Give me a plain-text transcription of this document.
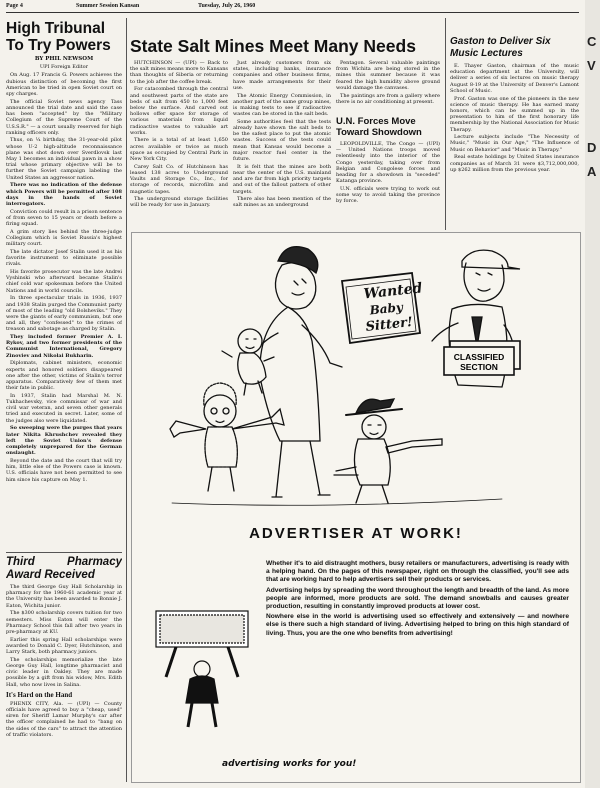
Page 4	Summer Session Kansan	Tuesday, July 26, 1960
High Tribunal To Try Powers
BY PHIL NEWSOM
UPI Foreign Editor

On Aug. 17 Francis G. Powers achieves the dubious distinction of becoming the first American to be tried in open Soviet court on spy charges.

The official Soviet news agency Tass announced the trial date and said the case has been "accepted" by the "Military Collegium of the Supreme Court of the U.S.S.R." — a court usually reserved for high ranking officers only.

Thus, on ¼ birthday, the 31-year-old pilot whose U-2 high-altitude reconnaissance plane was shot down over Sverdlovsk last May 1 becomes an individual pawn in a show trial whose primary objective will be to further the Soviet campaign labeling the United States an aggressor nation.

There was no indication of the defense which Powers will be permitted after 108 days in the hands of Soviet interrogators.

Conviction could result in a prison sentence of from seven to 15 years or death before a firing squad.

A grim story lies behind the three-judge Collegium which is Soviet Russia's highest military court.

The late dictator Josef Stalin used it as his favorite instrument to eliminate possible rivals.

His favorite prosecutor was the late Andrei Vyshinski who afterward became Stalin's chief cold war spokesman before the United Nations and in world councils.

In three spectacular trials in 1936, 1937 and 1938 Stalin purged the Communist party of most of the leading "old Bolsheviks." They were the giants of early communism, but one and all, they "confessed" to the crimes of treason and sabotage as charged by Stalin.

They included former Premier A. I. Rykov, and two former presidents of the Communist International, Gregory Zinoviev and Nikolai Bukharin.

Diplomats, cabinet ministers, economic experts and honored soldiers disappeared one after the other, victims of Stalin's terror apparatus. Comparatively few of them met their fate in public.

In 1937, Stalin had Marshal M. N. Tukhachevsky, vice commissar of war and civil war veteran, and seven other generals tried and executed in secret. Later, some of the judges also were liquidated.

So sweeping were the purges that years later Nikita Khrushchev revealed they left the Soviet Union's defense completely unprepared for the German onslaught.

Beyond the date and the court that will try him, little else of the Powers case is known. U.S. officials have not been permitted to see him since his capture on May 1.

Third Pharmacy Award Received

The third George Guy Hall Scholarship in pharmacy for the 1960-61 academic year at the University has been awarded to Bonnie J. Eaton, Wichita junior.

The $300 scholarship covers tuition for two semesters. Miss Eaton will enter the Pharmacy School this fall after two years in pre-pharmacy at KU.

Earlier this spring Hall scholarships were awarded to Donald C. Dyer, Hutchinson, and Larry Stark, both pharmacy juniors.

The scholarships memorialize the late George Guy Hall, longtime pharmacist and civic leader in Oakley. They are made possible by a gift from his widow, Mrs. Edith Hall, who now lives in Salina.

It's Hard on the Hand

PHENIX CITY, Ala. — (UPI) — County officials have agreed to buy a "cheap, used" siren for Sheriff Lamar Murphy's car after the officer complained he had to "bang on the sides of the cars" to attract the attention of traffic violators.

State Salt Mines Meet Many Needs

HUTCHINSON — (UPI) — Back to the salt mines means more to Kansans than thoughts of Siberia or returning to the job after the coffee break.

For catacombed through the central and southwest parts of the state are beds of salt from 450 to 1,000 feet below the surface. And carved out hollows offer space for storage of various materials from liquid radioactive wastes to valuable art works.

There is a total of at least 1,650 acres available or twice as much space as occupied by Central Park in New York City.

Carey Salt Co. of Hutchinson has leased 138 acres to Underground Vaults and Storage Co., Inc., for storage of records, microfilm and magnetic tapes.

The underground storage facilities will be ready for use in January.

Just already customers from six states, including banks, insurance companies and other business firms, have made arrangements for their use.

The Atomic Energy Commission, in another part of the same group mines, is making tests to see if radioactive wastes can be stored in the salt beds.

Some authorities feel that the tests already have shown the salt beds to be the safest place to put the atomic wastes. Success of the tests could mean that Kansas would become a major reactor fuel center in the future.

It is felt that the mines are both near the center of the U.S. mainland and are far from high priority targets and out of the fallout pattern of other targets.

There also has been mention of the salt mines as an underground

Pentagon. Several valuable paintings from Wichita are being stored in the mines this summer because it was feared the high humidity above ground would damage the canvases.

The paintings are from a gallery where there is no air conditioning at present.

U.N. Forces Move Toward Showdown

LEOPOLDVILLE, The Congo — (UPI) — United Nations troops moved relentlessly into the interior of the Congo yesterday, taking over from Belgian and Congolese forces and heading for a showdown in "seceded" Katanga province.

U.N. officials were trying to work out some way to avoid taking the province by force.

Gaston to Deliver Six Music Lectures

E. Thayer Gaston, chairman of the music education department at the University, will deliver a series of six lectures on music therapy August 8-19 at the University of Denver's Lamont School of Music.

Prof. Gaston was one of the pioneers in the new science of music therapy. He has earned many honors, which can be summed up in the presentation to him of the first honorary life membership by the National Association for Music Therapy.

Lecture subjects include "The Necessity of Music," "Music in Our Age," "The Influence of Music on Behavior" and "Music in Therapy."

Real estate holdings by United States insurance companies as of March 31 were $3,712,000,000, up $262 million from the previous year.

Wanted
Baby
Sitter!
CLASSIFIED
SECTION
ADVERTISER AT WORK!

Whether it's to aid distraught mothers, busy retailers or manufacturers, advertising is ready with a helping hand. On the pages of this newspaper, right on through the classified, you'll see ads that are working hard to help advertisers sell their products or services.

Advertising helps by spreading the word throughout the length and breadth of the land. As more people are informed, more products are sold. The demand snowballs and causes greater production, resulting in constantly improved products at lower cost.

Nowhere else in the world is advertising used so effectively and extensively — and nowhere else is there such a high standard of living. Advertising helped to bring on this high standard of living. Thus, you are the one who benefits from advertising!

advertising works for you!
C
V
D
A
